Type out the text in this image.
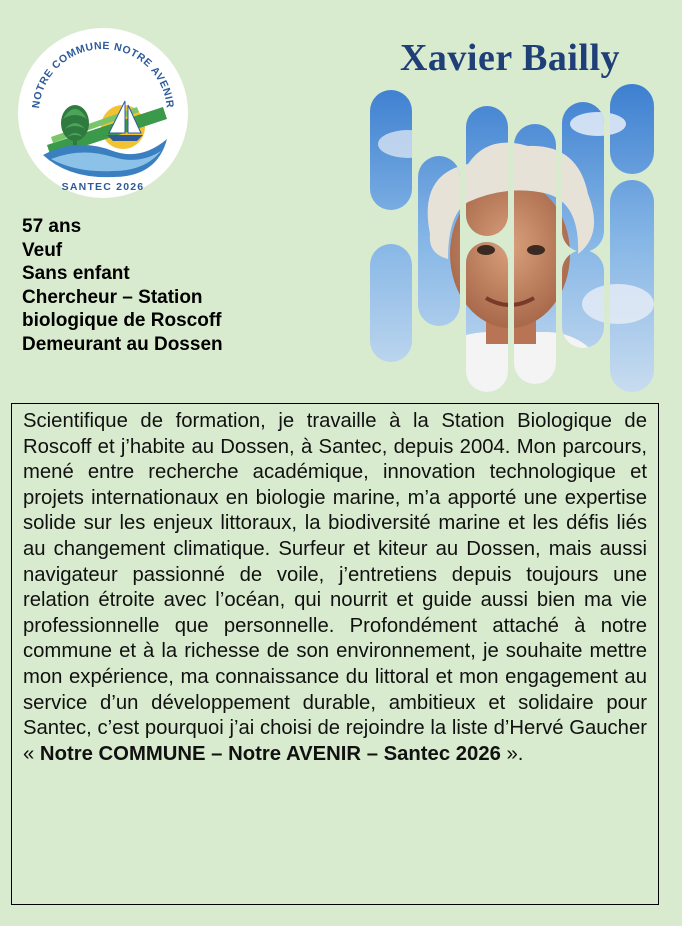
NOTRE COMMUNE NOTRE AVENIR
SANTEC 2026
Xavier Bailly
57 ans
Veuf
Sans enfant
Chercheur – Station
biologique de Roscoff
Demeurant au Dossen

Scientifique de formation, je travaille à la Station Biologique de Roscoff et j’habite au Dossen, à Santec, depuis 2004. Mon parcours, mené entre recherche académique, innovation technologique et projets internationaux en biologie marine, m’a apporté une expertise solide sur les enjeux littoraux, la biodiversité marine et les défis liés au changement climatique. Surfeur et kiteur au Dossen, mais aussi navigateur passionné de voile, j’entretiens depuis toujours une relation étroite avec l’océan, qui nourrit et guide aussi bien ma vie professionnelle que personnelle. Profondément attaché à notre commune et à la richesse de son environnement, je souhaite mettre mon expérience, ma connaissance du littoral et mon engagement au service d’un développement durable, ambitieux et solidaire pour Santec, c’est pourquoi j’ai choisi de rejoindre la liste d’Hervé Gaucher « Notre COMMUNE – Notre AVENIR – Santec 2026 ».
